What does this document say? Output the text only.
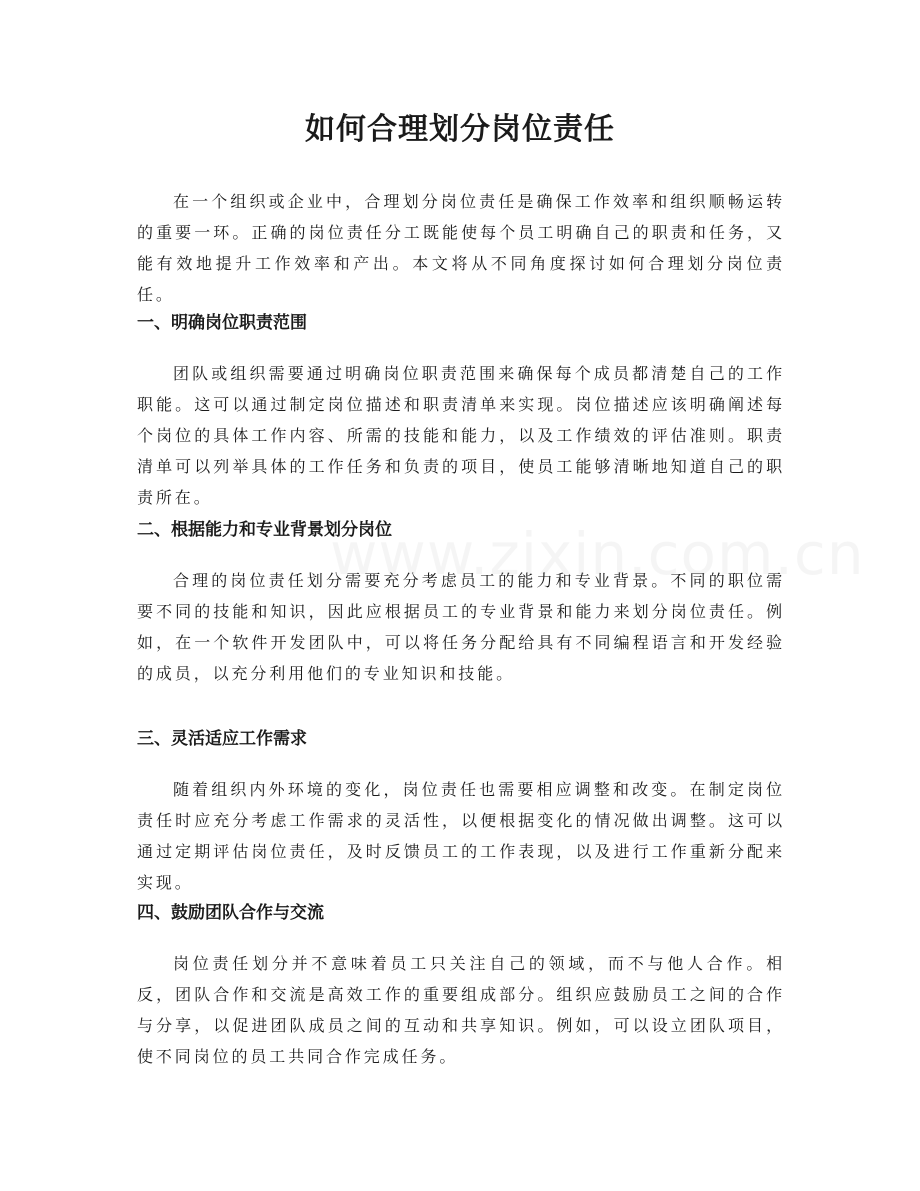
如何合理划分岗位责任

在一个组织或企业中，合理划分岗位责任是确保工作效率和组织顺畅运转的重要一环。正确的岗位责任分工既能使每个员工明确自己的职责和任务，又能有效地提升工作效率和产出。本文将从不同角度探讨如何合理划分岗位责任。

一、明确岗位职责范围

团队或组织需要通过明确岗位职责范围来确保每个成员都清楚自己的工作职能。这可以通过制定岗位描述和职责清单来实现。岗位描述应该明确阐述每个岗位的具体工作内容、所需的技能和能力，以及工作绩效的评估准则。职责清单可以列举具体的工作任务和负责的项目，使员工能够清晰地知道自己的职责所在。

二、根据能力和专业背景划分岗位

合理的岗位责任划分需要充分考虑员工的能力和专业背景。不同的职位需要不同的技能和知识，因此应根据员工的专业背景和能力来划分岗位责任。例如，在一个软件开发团队中，可以将任务分配给具有不同编程语言和开发经验的成员，以充分利用他们的专业知识和技能。

三、灵活适应工作需求

随着组织内外环境的变化，岗位责任也需要相应调整和改变。在制定岗位责任时应充分考虑工作需求的灵活性，以便根据变化的情况做出调整。这可以通过定期评估岗位责任，及时反馈员工的工作表现，以及进行工作重新分配来实现。

四、鼓励团队合作与交流

岗位责任划分并不意味着员工只关注自己的领域，而不与他人合作。相反，团队合作和交流是高效工作的重要组成部分。组织应鼓励员工之间的合作与分享，以促进团队成员之间的互动和共享知识。例如，可以设立团队项目，使不同岗位的员工共同合作完成任务。
